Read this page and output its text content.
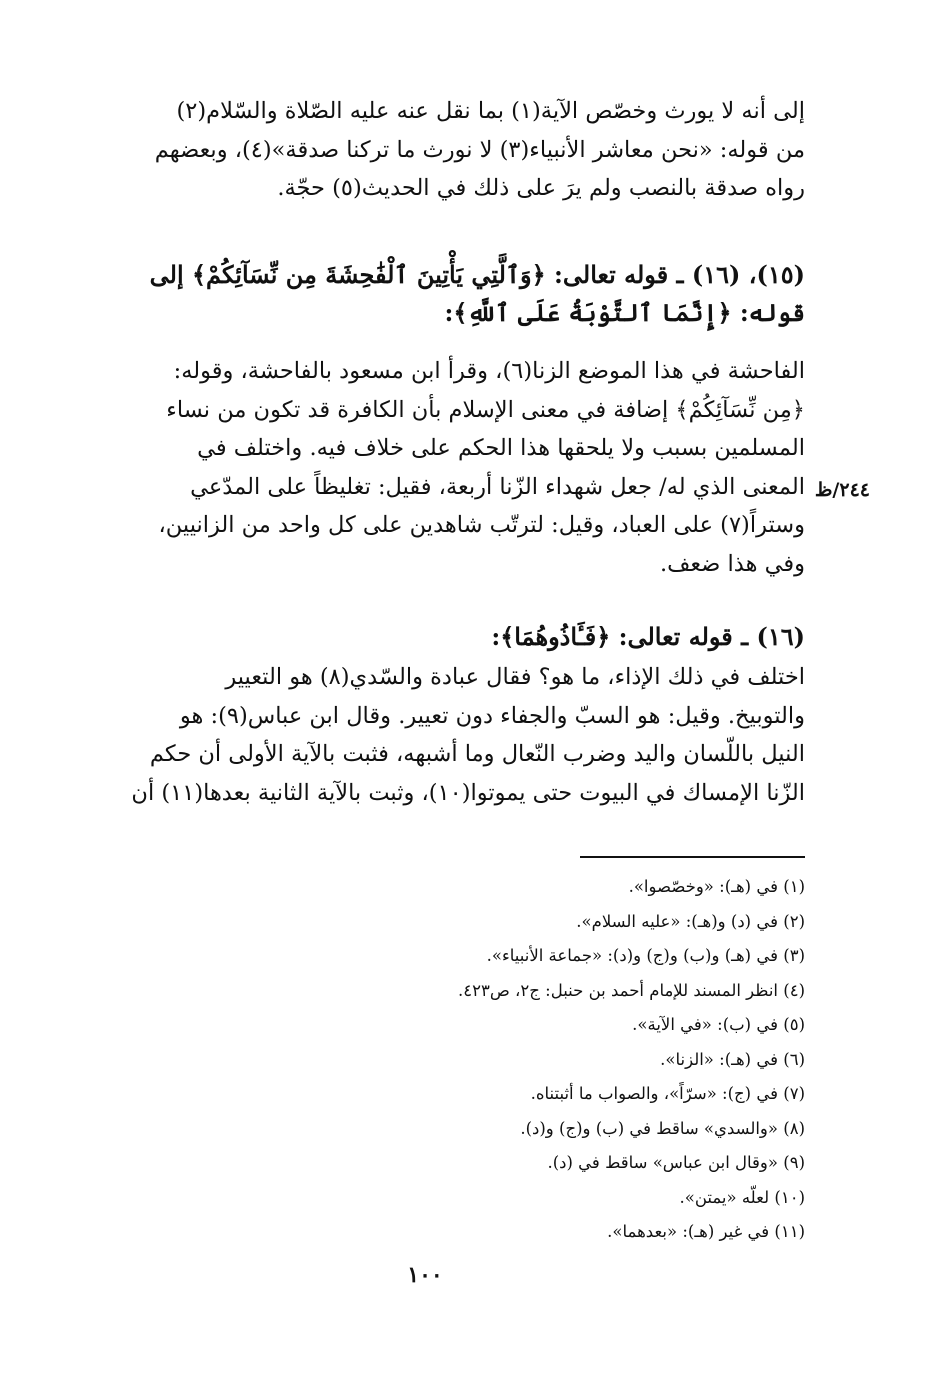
إلى أنه لا يورث وخصّص الآية(١) بما نقل عنه عليه الصّلاة والسّلام(٢)

من قوله: «نحن معاشر الأنبياء(٣) لا نورث ما تركنا صدقة»(٤)، وبعضهم

رواه صدقة بالنصب ولم يرَ على ذلك في الحديث(٥) حجّة.

(١٥)، (١٦) ـ قوله تعالى: ﴿وَٱلَّتِي يَأْتِينَ ٱلْفَٰحِشَةَ مِن نِّسَآئِكُمْ﴾ إلى
قوله: ﴿إِنَّمَا ٱلتَّوْبَةُ عَلَى ٱللَّهِ﴾:

الفاحشة في هذا الموضع الزنا(٦)، وقرأ ابن مسعود بالفاحشة، وقوله:

﴿مِن نِّسَآئِكُمْ﴾ إضافة في معنى الإسلام بأن الكافرة قد تكون من نساء

المسلمين بسبب ولا يلحقها هذا الحكم على خلاف فيه. واختلف في

المعنى الذي له/ جعل شهداء الزّنا أربعة، فقيل: تغليظاً على المدّعي

وستراً(٧) على العباد، وقيل: لترتّب شاهدين على كل واحد من الزانيين،

وفي هذا ضعف.

٢٤٤/ظ
(١٦) ـ قوله تعالى: ﴿فَـَٔاذُوهُمَا﴾:

اختلف في ذلك الإذاء، ما هو؟ فقال عبادة والسّدي(٨) هو التعيير

والتوبيخ. وقيل: هو السبّ والجفاء دون تعيير. وقال ابن عباس(٩): هو

النيل باللّسان واليد وضرب النّعال وما أشبهه، فثبت بالآية الأولى أن حكم

الزّنا الإمساك في البيوت حتى يموتوا(١٠)، وثبت بالآية الثانية بعدها(١١) أن

(١) في (هـ): «وخصّصوا».

(٢) في (د) و(هـ): «عليه السلام».

(٣) في (هـ) و(ب) و(ج) و(د): «جماعة الأنبياء».

(٤) انظر المسند للإمام أحمد بن حنبل: ج٢، ص٤٢٣.

(٥) في (ب): «في الآية».

(٦) في (هـ): «الزنا».

(٧) في (ج): «سرّاً»، والصواب ما أثبتناه.

(٨) «والسدي» ساقط في (ب) و(ج) و(د).

(٩) «وقال ابن عباس» ساقط في (د).

(١٠) لعلّه «يمتن».

(١١) في غير (هـ): «بعدهما».

١٠٠
